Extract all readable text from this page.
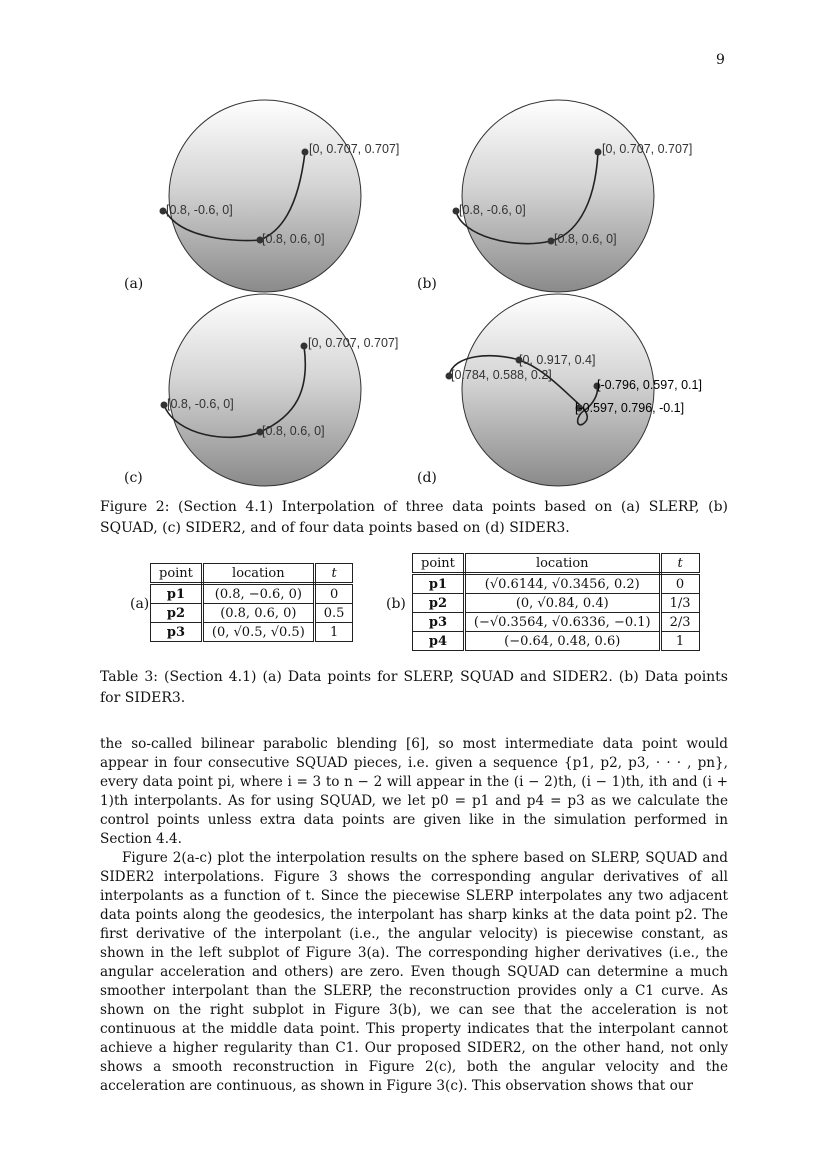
9
[0, 0.707, 0.707]
[0.8, -0.6, 0]
[0.8, 0.6, 0]
(a)
[0, 0.707, 0.707]
[0.8, -0.6, 0]
[0.8, 0.6, 0]
(b)
[0, 0.707, 0.707]
[0.8, -0.6, 0]
[0.8, 0.6, 0]
(c)
[0, 0.917, 0.4]
[0.784, 0.588, 0.2]
[-0.796, 0.597, 0.1]
[-0.597, 0.796, -0.1]
(d)
Figure 2: (Section 4.1) Interpolation of three data points based on (a) SLERP, (b) SQUAD, (c) SIDER2, and of four data points based on (d) SIDER3.
(a)
point	location	t
p1	(0.8, −0.6, 0)	0
p2	(0.8, 0.6, 0)	0.5
p3	(0, √0.5, √0.5)	1
(b)
point	location	t
p1	(√0.6144, √0.3456, 0.2)	0
p2	(0, √0.84, 0.4)	1/3
p3	(−√0.3564, √0.6336, −0.1)	2/3
p4	(−0.64, 0.48, 0.6)	1
Table 3: (Section 4.1) (a) Data points for SLERP, SQUAD and SIDER2. (b) Data points for SIDER3.

the so-called bilinear parabolic blending [6], so most intermediate data point would appear in four consecutive SQUAD pieces, i.e. given a sequence {p1, p2, p3, · · · , pn}, every data point pi, where i = 3 to n − 2 will appear in the (i − 2)th, (i − 1)th, ith and (i + 1)th interpolants. As for using SQUAD, we let p0 = p1 and p4 = p3 as we calculate the control points unless extra data points are given like in the simulation performed in Section 4.4.

Figure 2(a-c) plot the interpolation results on the sphere based on SLERP, SQUAD and SIDER2 interpolations. Figure 3 shows the corresponding angular derivatives of all interpolants as a function of t. Since the piecewise SLERP interpolates any two adjacent data points along the geodesics, the interpolant has sharp kinks at the data point p2. The first derivative of the interpolant (i.e., the angular velocity) is piecewise constant, as shown in the left subplot of Figure 3(a). The corresponding higher derivatives (i.e., the angular acceleration and others) are zero. Even though SQUAD can determine a much smoother interpolant than the SLERP, the reconstruction provides only a C1 curve. As shown on the right subplot in Figure 3(b), we can see that the acceleration is not continuous at the middle data point. This property indicates that the interpolant cannot achieve a higher regularity than C1. Our proposed SIDER2, on the other hand, not only shows a smooth reconstruction in Figure 2(c), both the angular velocity and the acceleration are continuous, as shown in Figure 3(c). This observation shows that our
